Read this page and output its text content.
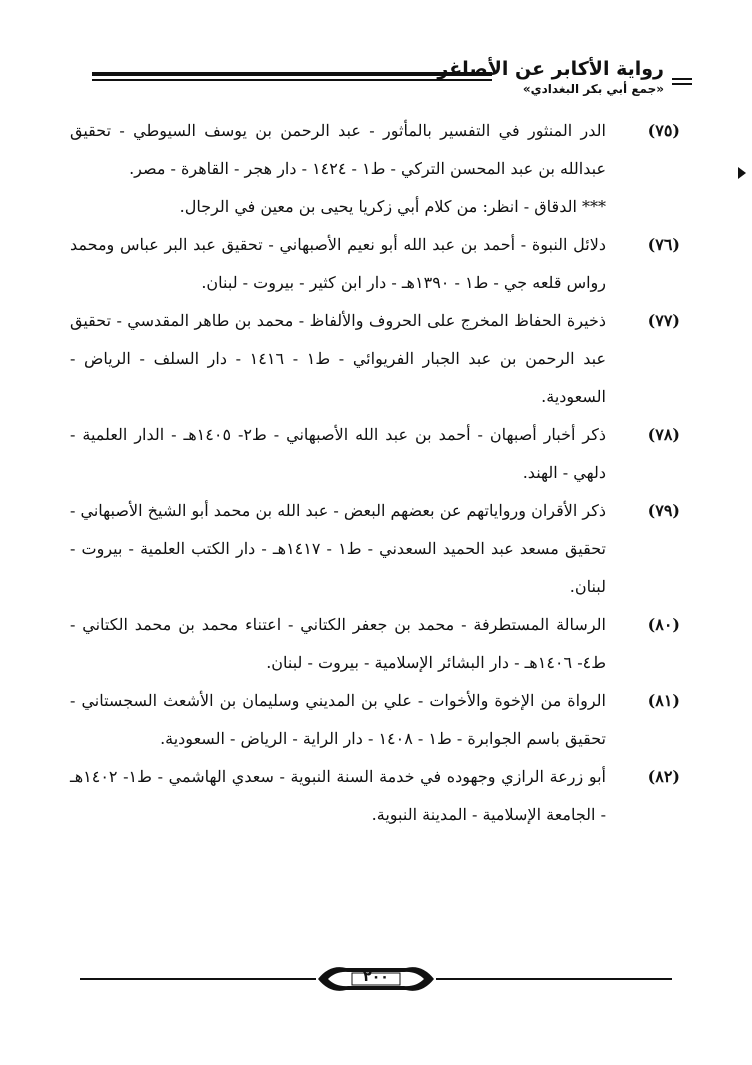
رواية الأكابر عن الأصاغر
«جمع أبي بكر البغدادي»
(٧٥)
الدر المنثور في التفسير بالمأثور - عبد الرحمن بن يوسف السيوطي - تحقيق عبدالله بن عبد المحسن التركي - ط١ - ١٤٢٤ - دار هجر - القاهرة - مصر.
*** الدقاق - انظر: من كلام أبي زكريا يحيى بن معين في الرجال.
(٧٦)
دلائل النبوة - أحمد بن عبد الله أبو نعيم الأصبهاني - تحقيق عبد البر عباس ومحمد رواس قلعه جي - ط١ - ١٣٩٠هـ - دار ابن كثير - بيروت - لبنان.
(٧٧)
ذخيرة الحفاظ المخرج على الحروف والألفاظ - محمد بن طاهر المقدسي - تحقيق عبد الرحمن بن عبد الجبار الفريوائي - ط١ - ١٤١٦ - دار السلف - الرياض - السعودية.
(٧٨)
ذكر أخبار أصبهان - أحمد بن عبد الله الأصبهاني - ط٢- ١٤٠٥هـ - الدار العلمية - دلهي - الهند.
(٧٩)
ذكر الأقران ورواياتهم عن بعضهم البعض - عبد الله بن محمد أبو الشيخ الأصبهاني - تحقيق مسعد عبد الحميد السعدني - ط١ - ١٤١٧هـ - دار الكتب العلمية - بيروت - لبنان.
(٨٠)
الرسالة المستطرفة - محمد بن جعفر الكتاني - اعتناء محمد بن محمد الكتاني - ط٤- ١٤٠٦هـ - دار البشائر الإسلامية - بيروت - لبنان.
(٨١)
الرواة من الإخوة والأخوات - علي بن المديني وسليمان بن الأشعث السجستاني - تحقيق باسم الجوابرة - ط١ - ١٤٠٨ - دار الراية - الرياض - السعودية.
(٨٢)
أبو زرعة الرازي وجهوده في خدمة السنة النبوية - سعدي الهاشمي - ط١- ١٤٠٢هـ - الجامعة الإسلامية - المدينة النبوية.
٢٠٠
